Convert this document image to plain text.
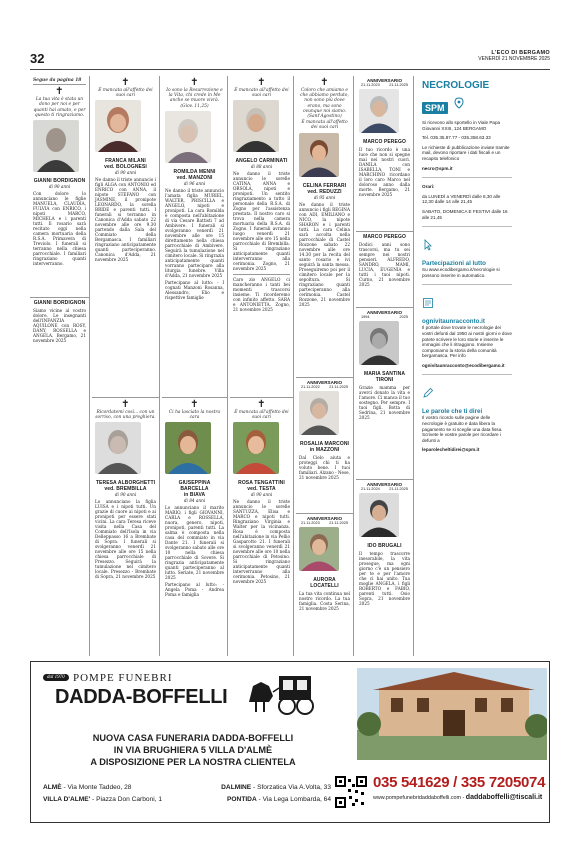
32	L'ECO DI BERGAMO
VENERDÌ 21 NOVEMBRE 2025
Segue da pagina 18
✝
La tua vita è stata un dono per noi e per quanti hai amato, e per questo ti ringraziamo.
GIANNI BORDIGNON
di 90 anni
Con dolore lo annunciano le figlie MANUELA, CLAUDIA, FULVIA con ENRICO, i nipoti MARCO, MICHELA e i parenti tutti. Il rosario sarà recitato oggi nella camera mortuaria della R.S.A. Primavera di Treviolo. I funerali si terranno nella chiesa parrocchiale. I familiari ringraziano quanti interverranno.
GIANNI BORDIGNON
Siamo vicine al vostro dolore. Le insegnanti dell'INFANZIA AQUILONE con ROSY, DANY, ROSSELLA e ANGELA. Bergamo, 21 novembre 2025
✝
È mancata all'affetto dei suoi cari
FRANCA MILANI
ved. BOLOGNESI
di 90 anni
Ne danno il triste annuncio i figli ALGA con ANTONIO ed ENRICO con ANNA, il nipote STEFANO con JASMINE, il pronipote LEONARDO, la sorella BRIDE e parenti tutti. I funerali si terranno in Canonica d'Adda sabato 22 novembre alle ore 9.30 partendo dalla Sala del Commiato della Bergamasca. I familiari ringraziano anticipatamente quanti parteciperanno. Canonica d'Adda, 21 novembre 2025
✝
Ricordatemi così... con un sorriso, con una preghiera.
TERESA ALBORGHETTI
ved. BREMBILLA
di 90 anni
Lo annunciano la figlia LUISA e i nipoti tutti. Un grazie di cuore ai nipoti e ai pronipoti per essere stati vicini. La cara Teresa riceve visita nella Casa del Commiato dell'Isola in via Delleppasso 16 a Brembate di Sopra. I funerali si svolgeranno venerdì 21 novembre alle ore 15 nella chiesa parrocchiale di Presezzo. Seguirà la tumulazione nel cimitero locale. Presezzo - Brembate di Sopra, 21 novembre 2025
✝
Io sono la Resurrezione e la Vita, chi crede in Me anche se muore vivrà. (Giov. 11,25)
ROMILDA MENNI
ved. MANZONI
di 96 anni
Ne danno il triste annuncio l'amata figlia MURIEL, WALTER, PRISCILLA e ANGELO, nipoti e pronipoti. La cara Romilda è composta nell'abitazione di via Cesare Battisti 7 ad Ambivere. I funerali si svolgeranno venerdì 21 novembre alle ore 15 direttamente nella chiesa parrocchiale di Ambivere. Seguirà la tumulazione nel cimitero locale. Si ringrazia anticipatamente quanti vorranno partecipare alla liturgia funebre. Villa d'Adda, 21 novembre 2025
Partecipano al lutto: - I cognati Manzoni Rosanna, Alessandro, Elio e rispettive famiglie
✝
Ci ha lasciato la nostra cara
GIUSEPPINA BARCELLA
in BIAVA
di 84 anni
Lo annunciano il marito MARIO, i figli GIOVANNI, CARLA e ROSSELLA, nuora, genero, nipoti, pronipoti, parenti tutti. La salma è composta nella casa del commiato in via Dante 21. I funerali si svolgeranno sabato alle ore 10 nella chiesa parrocchiale di Sovere. Si ringrazia anticipatamente quanti parteciperanno al lutto. Seriate, 21 novembre 2025
Partecipano al lutto: - Angela Poma - Andrea Poma e famiglia
✝
È mancato all'affetto dei suoi cari
ANGELO CARMINATI
di 88 anni
Ne danno il triste annuncio le sorelle CATINA, ANNA e ORSOLA, nipoti e pronipoti. Un sentito ringraziamento a tutto il personale della R.S.A. di Zogno per l'assistenza prestata. Il nostro caro si trova nella camera mortuaria della R.S.A. di Zogno. I funerali avranno luogo venerdì 21 novembre alle ore 15 nella parrocchiale di Brembilla. Si ringraziano anticipatamente quanti interverranno alla cerimonia. Zogno, 21 novembre 2025
Caro zio ANGELO ci mancheranno i tanti bei momenti trascorsi insieme. Ti ricorderemo con infinito affetto. SARA e ANTONIETTA. Zogno, 21 novembre 2025
✝
È mancata all'affetto dei suoi cari
ROSA TENGATTINI
ved. TESTA
di 90 anni
Ne danno il triste annuncio le sorelle SANTUZZA, Elisa e MARCO e nipoti tutti. Ringraziano Virginia e Walter per la vicinanza. Rosa è composta nell'abitazione in via Pellio Gasparotto 21. I funerali si svolgeranno venerdì 21 novembre alle ore 10 nella parrocchiale di Petosino. Si ringraziano anticipatamente quanti interverranno alla cerimonia. Petosino, 21 novembre 2025
✝
Coloro che amiamo e che abbiamo perduto, non sono più dove erano, ma sono ovunque noi siamo. (Sant'Agostino)
È mancata all'affetto dei suoi cari
CELINA FERRARI
ved. REDUZZI
di 95 anni
Ne danno il triste annuncio i figli REGINA con ADI, EMILIANO e NICO, la nipote SHARON e i parenti tutti. La cara Celina sarà accolta nella parrocchiale di Castel Rozzone sabato 22 novembre alle ore 14.30 per la recita del santo rosario e ivi seguirà la santa messa. Proseguiremo poi per il cimitero locale per la sepoltura. Si ringraziano quanti parteciperanno alla cerimonia. Castel Rozzone, 21 novembre 2025
ANNIVERSARIO
21.11.2022	21.11.2025
ROSALIA MARCONI
in MAZZONI
Dal Cielo aiuta e proteggi chi ti ha voluto bene. I tuoi familiari. Alzano - Nese, 21 novembre 2025
ANNIVERSARIO
21.11.2023	21.11.2025
AURORA LOCATELLI
La tua vita continua nel nostro ricordo. La tua famiglia. Costa Serina, 21 novembre 2025
ANNIVERSARIO
21.11.2023	21.11.2025
MARCO PEREGO
Il tuo ricordo è una luce che non si spegne mai nei nostri cuori. DANILA con ISABELLA, TONI e MARCHINO ricordano il loro caro Marco nel doloroso anno dalla morte. Bergamo, 21 novembre 2025
MARCO PEREGO
Dodici anni sono trascorsi, ma tu sei sempre nei nostri pensieri. ALFREDO, SANDRO, MAMI, LUCIA, EUGENIA e tutti i tuoi nipoti. Curno, 21 novembre 2025
ANNIVERSARIO
1994	2025
MARIA SANTINA
TIRONI
Grazie mamma per averci donato la vita e l'amore. Ci manca il tuo sostegno. Per sempre. I tuoi figli. Botta di Sedrina, 21 novembre 2025
ANNIVERSARIO
21.11.2024	21.11.2025
IDO BRUGALI
Il tempo trascorre inesorabile, la vita prosegue, ma ogni giorno c'è un pensiero per te e per l'amore che ci hai unito. Tua moglie ANGELA, i figli ROBERTO e FABIO, parenti tutti. Osio Sopra, 21 novembre 2025
NECROLOGIE
SPM
Si ricevono allo sportello in Viale Papa Giovanni XXIII, 124 BERGAMO
Tel. 035.35.87.77 - 035.358.63.33
Le richieste di pubblicazione inviate tramite mail, devono riportare i dati fiscali e un recapito telefonico
necro@spm.it
Orari:
da LUNEDÌ a VENERDÌ dalle 8,30 alle 12,30 dalle 14 alle 21,45
SABATO, DOMENICA E FESTIVI dalle 16 alle 21,45
Partecipazioni al lutto
Su www.ecodibergamo.it/necrologie si possono inserire in automatico.
ognivitaunracconto.it
Il portale dove trovate le necrologie dei vostri defunti dal 1950 ai nostri giorni e dove potete scrivere le loro storie e inserire le immagini che li ritraggono. Insieme componiamo la storia della comunità bergamasca. Per info
ognivitaunracconto@ecodibergamo.it
Le parole che ti direi
Il vostro ricordo sulle pagine delle necrologie è gratuito e data libera la pagamento se si sceglie una data fissa. Scrivete le vostre parole per ricordare i defunti a
leparolecheltidirei@spm.it
dal 1970 POMPE FUNEBRI
DADDA-BOFFELLI
NUOVA CASA FUNERARIA DADDA-BOFFELLI
IN VIA BRUGHIERA 5 VILLA D'ALMÈ
A DISPOSIZIONE PER LA NOSTRA CLIENTELA
ALMÈ - Via Monte Taddeo, 28	DALMINE - Sforzatica Via A.Volta, 33
VILLA D'ALME' - Piazza Don Carboni, 1	PONTIDA - Via Lega Lombarda, 64
035 541629 / 335 7205074
www.pompefunebridaddaboffelli.com - daddaboffelli@tiscali.it
